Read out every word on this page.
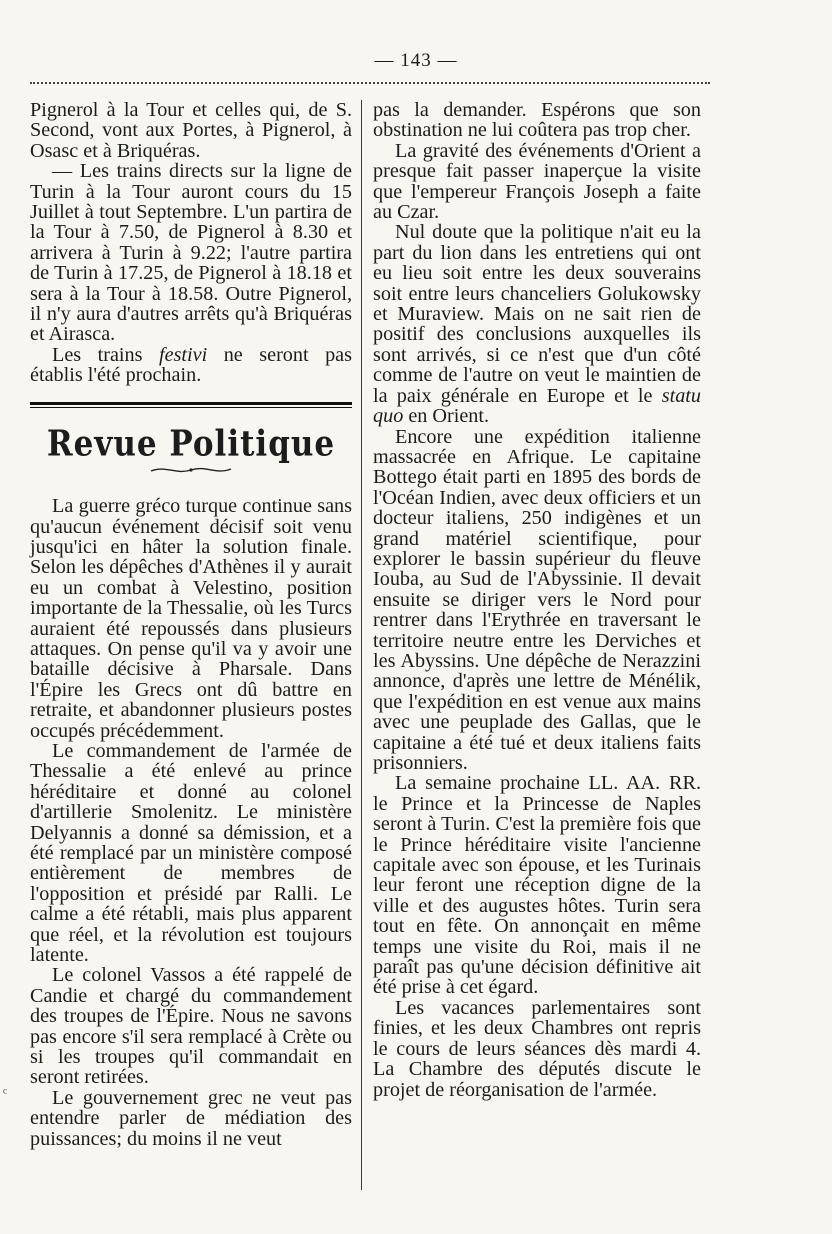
— 143 —

Pignerol à la Tour et celles qui, de S. Second, vont aux Portes, à Pignerol, à Osasc et à Briquéras.

— Les trains directs sur la ligne de Turin à la Tour auront cours du 15 Juillet à tout Septembre. L'un partira de la Tour à 7.50, de Pignerol à 8.30 et arrivera à Turin à 9.22; l'autre partira de Turin à 17.25, de Pignerol à 18.18 et sera à la Tour à 18.58. Outre Pignerol, il n'y aura d'autres arrêts qu'à Briquéras et Airasca.

Les trains festivi ne seront pas établis l'été prochain.

Revue Politique

La guerre gréco turque continue sans qu'aucun événement décisif soit venu jusqu'ici en hâter la solution finale. Selon les dépêches d'Athènes il y aurait eu un combat à Velestino, position importante de la Thessalie, où les Turcs auraient été repoussés dans plusieurs attaques. On pense qu'il va y avoir une bataille décisive à Pharsale. Dans l'Épire les Grecs ont dû battre en retraite, et abandonner plusieurs postes occupés précédemment.

Le commandement de l'armée de Thessalie a été enlevé au prince héréditaire et donné au colonel d'artillerie Smolenitz. Le ministère Delyannis a donné sa démission, et a été remplacé par un ministère composé entièrement de membres de l'opposition et présidé par Ralli. Le calme a été rétabli, mais plus apparent que réel, et la révolution est toujours latente.

Le colonel Vassos a été rappelé de Candie et chargé du commandement des troupes de l'Épire. Nous ne savons pas encore s'il sera remplacé à Crète ou si les troupes qu'il commandait en seront retirées.

Le gouvernement grec ne veut pas entendre parler de médiation des puissances; du moins il ne veut

pas la demander. Espérons que son obstination ne lui coûtera pas trop cher.

La gravité des événements d'Orient a presque fait passer inaperçue la visite que l'empereur François Joseph a faite au Czar.

Nul doute que la politique n'ait eu la part du lion dans les entretiens qui ont eu lieu soit entre les deux souverains soit entre leurs chanceliers Golukowsky et Muraview. Mais on ne sait rien de positif des conclusions auxquelles ils sont arrivés, si ce n'est que d'un côté comme de l'autre on veut le maintien de la paix générale en Europe et le statu quo en Orient.

Encore une expédition italienne massacrée en Afrique. Le capitaine Bottego était parti en 1895 des bords de l'Océan Indien, avec deux officiers et un docteur italiens, 250 indigènes et un grand matériel scientifique, pour explorer le bassin supérieur du fleuve Iouba, au Sud de l'Abyssinie. Il devait ensuite se diriger vers le Nord pour rentrer dans l'Erythrée en traversant le territoire neutre entre les Derviches et les Abyssins. Une dépêche de Nerazzini annonce, d'après une lettre de Ménélik, que l'expédition en est venue aux mains avec une peuplade des Gallas, que le capitaine a été tué et deux italiens faits prisonniers.

La semaine prochaine LL. AA. RR. le Prince et la Princesse de Naples seront à Turin. C'est la première fois que le Prince héréditaire visite l'ancienne capitale avec son épouse, et les Turinais leur feront une réception digne de la ville et des augustes hôtes. Turin sera tout en fête. On annonçait en même temps une visite du Roi, mais il ne paraît pas qu'une décision définitive ait été prise à cet égard.

Les vacances parlementaires sont finies, et les deux Chambres ont repris le cours de leurs séances dès mardi 4. La Chambre des députés discute le projet de réorganisation de l'armée.

ᶜ
